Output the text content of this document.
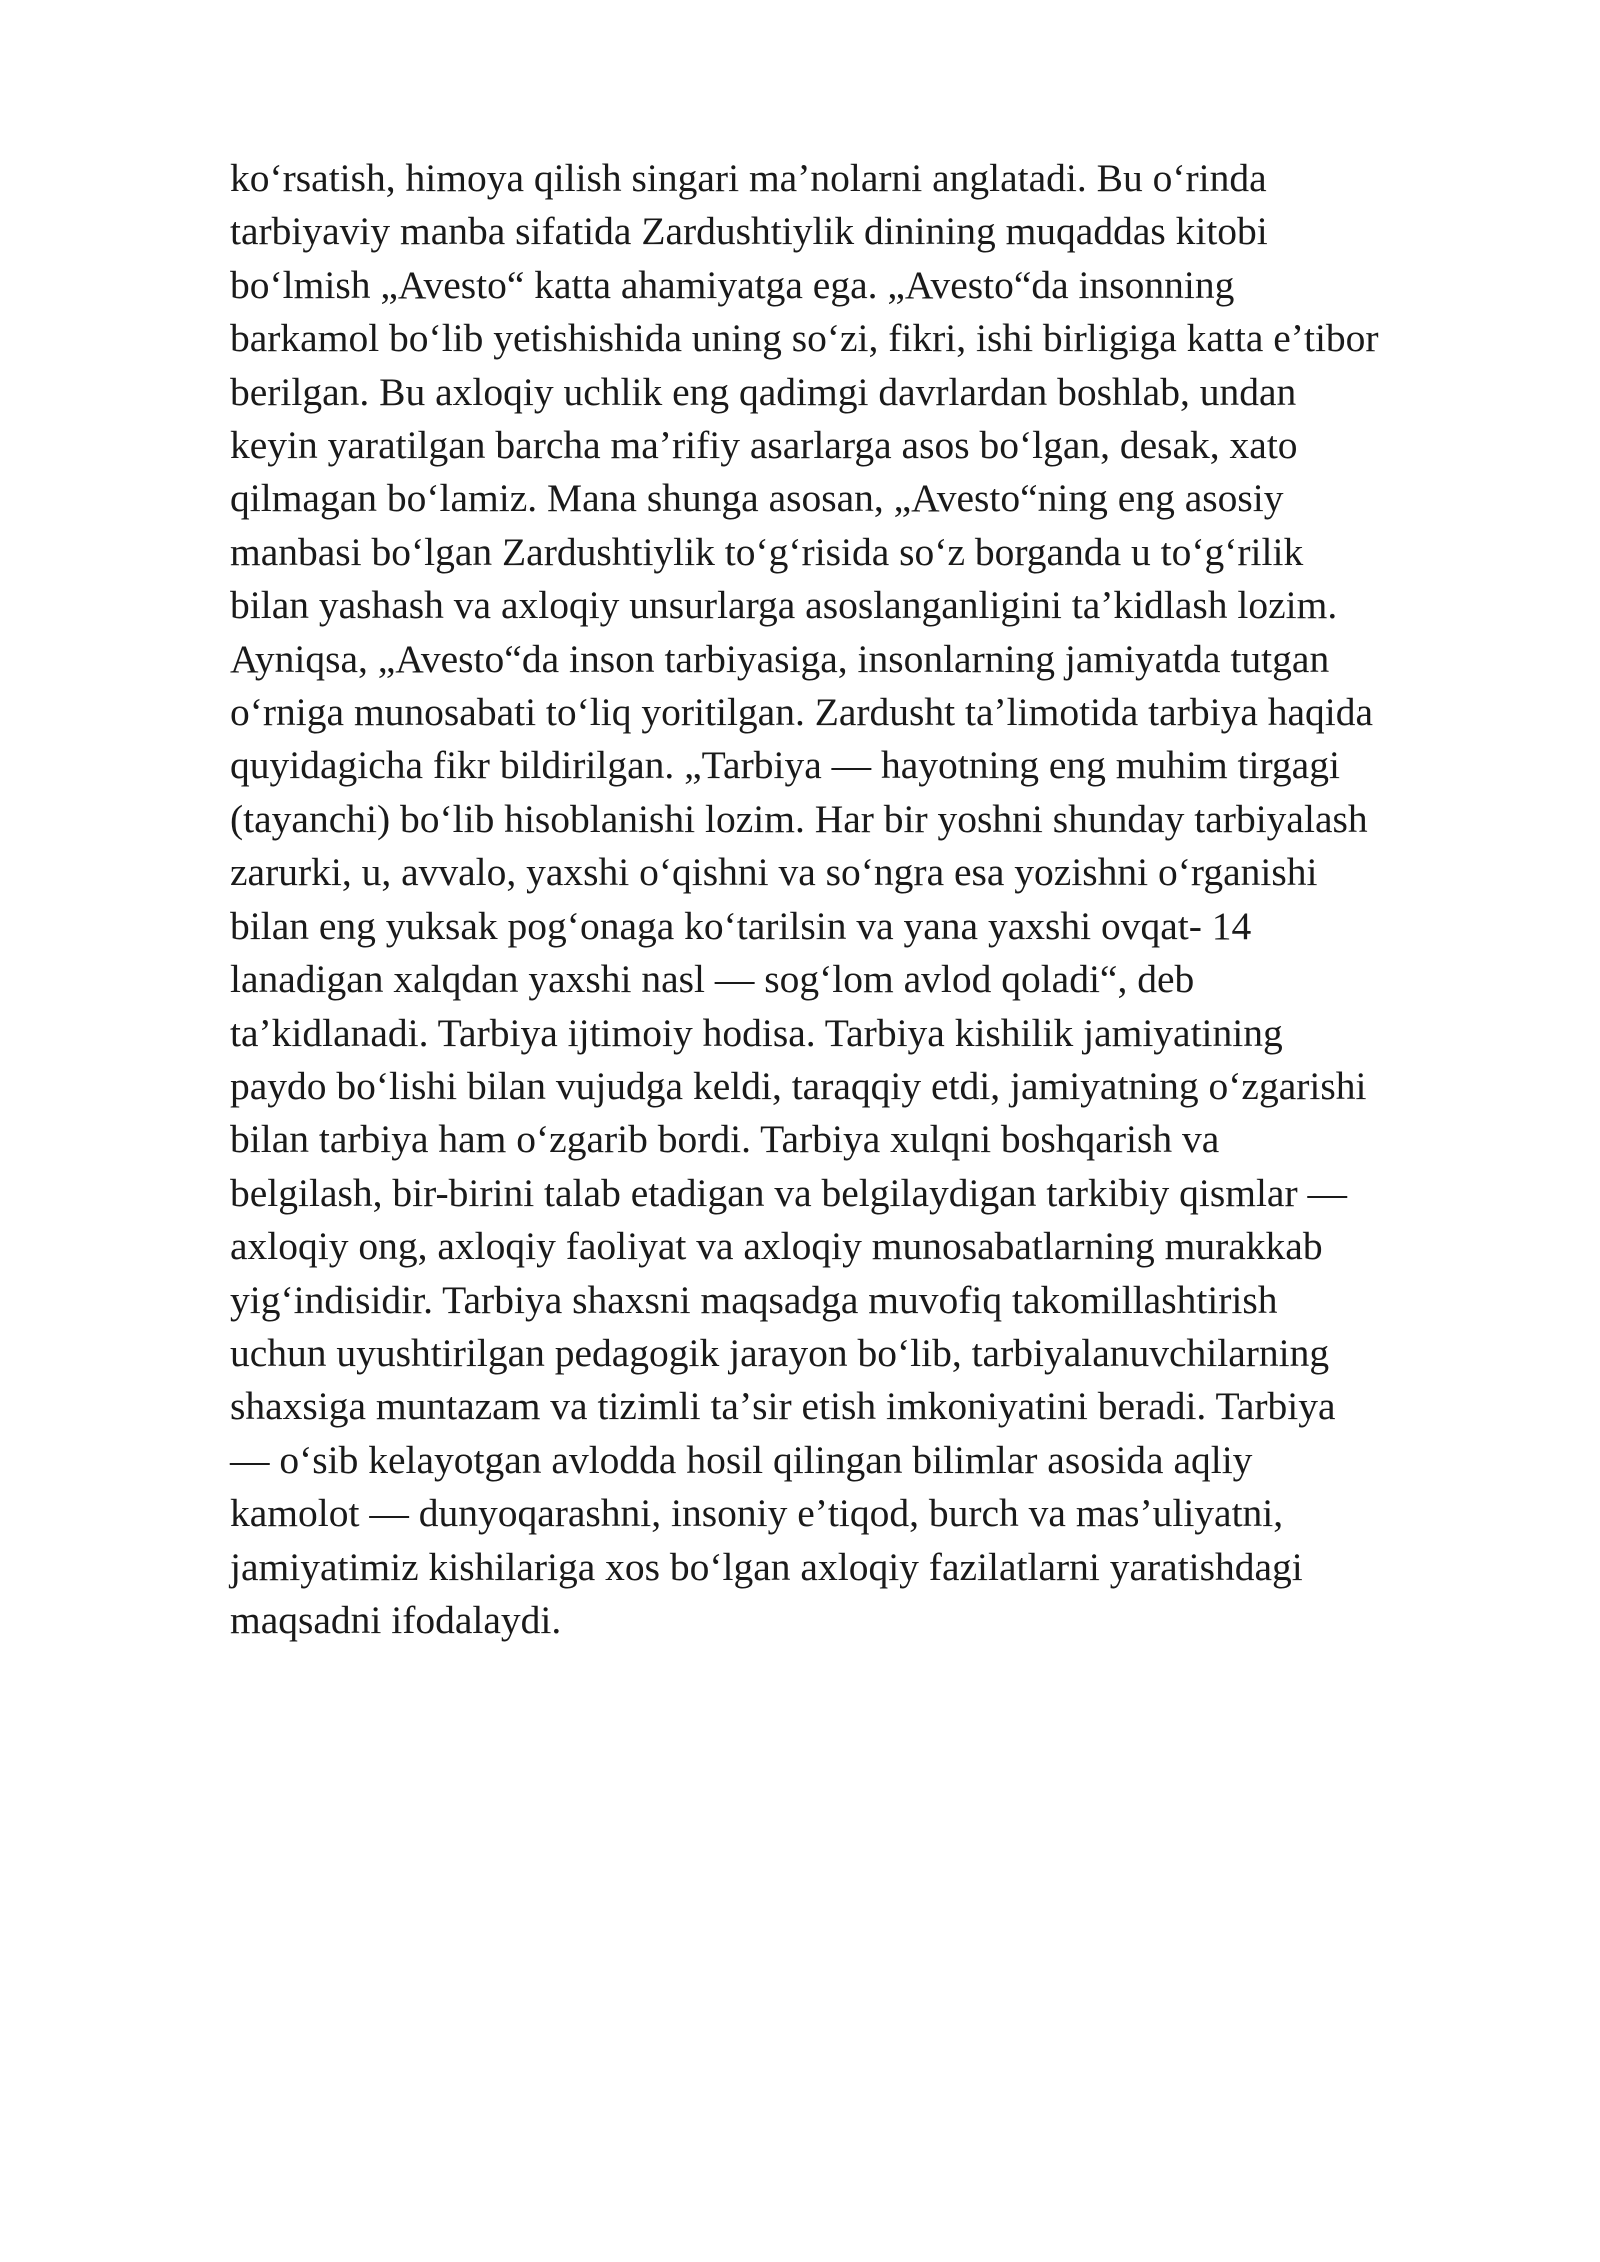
koʻrsatish, himoya qilish singari maʼnolarni anglatadi. Bu oʻrinda
tarbiyaviy manba sifatida Zardushtiylik dinining muqaddas kitobi
boʻlmish „Avesto“ katta ahamiyatga ega. „Avesto“da insonning
barkamol boʻlib yetishishida uning soʻzi, fikri, ishi birligiga katta eʼtibor
berilgan. Bu axloqiy uchlik eng qadimgi davrlardan boshlab, undan
keyin yaratilgan barcha maʼrifiy asarlarga asos boʻlgan, desak, xato
qilmagan boʻlamiz. Mana shunga asosan, „Avesto“ning eng asosiy
manbasi boʻlgan Zardushtiylik toʻgʻrisida soʻz borganda u toʻgʻrilik
bilan yashash va axloqiy unsurlarga asoslanganligini taʼkidlash lozim.
Ayniqsa, „Avesto“da inson tarbiyasiga, insonlarning jamiyatda tutgan
oʻrniga munosabati toʻliq yoritilgan. Zardusht taʼlimotida tarbiya haqida
quyidagicha fikr bildirilgan. „Tarbiya — hayotning eng muhim tirgagi
(tayanchi) boʻlib hisoblanishi lozim. Har bir yoshni shunday tarbiyalash
zarurki, u, avvalo, yaxshi oʻqishni va soʻngra esa yozishni oʻrganishi
bilan eng yuksak pogʻonaga koʻtarilsin va yana yaxshi ovqat- 14
lanadigan xalqdan yaxshi nasl — sogʻlom avlod qoladi“, deb
taʼkidlanadi. Tarbiya ijtimoiy hodisa. Tarbiya kishilik jamiyatining
paydo boʻlishi bilan vujudga keldi, taraqqiy etdi, jamiyatning oʻzgarishi
bilan tarbiya ham oʻzgarib bordi. Tarbiya xulqni boshqarish va
belgilash, bir-birini talab etadigan va belgilaydigan tarkibiy qismlar —
axloqiy ong, axloqiy faoliyat va axloqiy munosabatlarning murakkab
yigʻindisidir. Tarbiya shaxsni maqsadga muvofiq takomillashtirish
uchun uyushtirilgan pedagogik jarayon boʻlib, tarbiyalanuvchilarning
shaxsiga muntazam va tizimli taʼsir etish imkoniyatini beradi. Tarbiya
— oʻsib kelayotgan avlodda hosil qilingan bilimlar asosida aqliy
kamolot — dunyoqarashni, insoniy eʼtiqod, burch va masʼuliyatni,
jamiyatimiz kishilariga xos boʻlgan axloqiy fazilatlarni yaratishdagi
maqsadni ifodalaydi.
